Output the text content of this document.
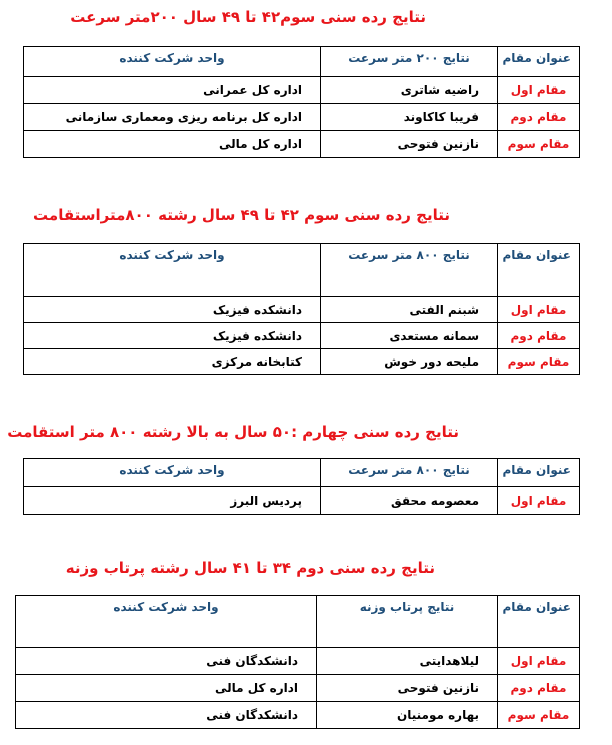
نتایج رده سنی سوم۴۲ تا ۴۹ سال ۲۰۰متر سرعت
عنوان مقام	نتایج ۲۰۰ متر سرعت	واحد شرکت کننده
مقام اول	راضیه شاتری	اداره کل عمرانی
مقام دوم	فریبا کاکاوند	اداره کل برنامه ریزی ومعماری سازمانی
مقام سوم	نازنین فتوحی	اداره کل مالی
نتایج رده سنی سوم ۴۲ تا ۴۹ سال رشته ۸۰۰متراستقامت
عنوان مقام	نتایج ۸۰۰ متر سرعت	واحد شرکت کننده
مقام اول	شبنم الفتی	دانشکده فیزیک
مقام دوم	سمانه مستعدی	دانشکده فیزیک
مقام سوم	ملیحه دور خوش	کتابخانه مرکزی
نتایج رده سنی چهارم :۵۰ سال به بالا رشته ۸۰۰ متر استقامت
عنوان مقام	نتایج ۸۰۰ متر سرعت	واحد شرکت کننده
مقام اول	معصومه محقق	پردیس البرز
نتایج رده سنی دوم ۳۴ تا ۴۱ سال رشته پرتاب وزنه
عنوان مقام	نتایج پرتاب وزنه	واحد شرکت کننده
مقام اول	لیلاهدایتی	دانشکدگان فنی
مقام دوم	نازنین فتوحی	اداره کل مالی
مقام سوم	بهاره مومنیان	دانشکدگان فنی
